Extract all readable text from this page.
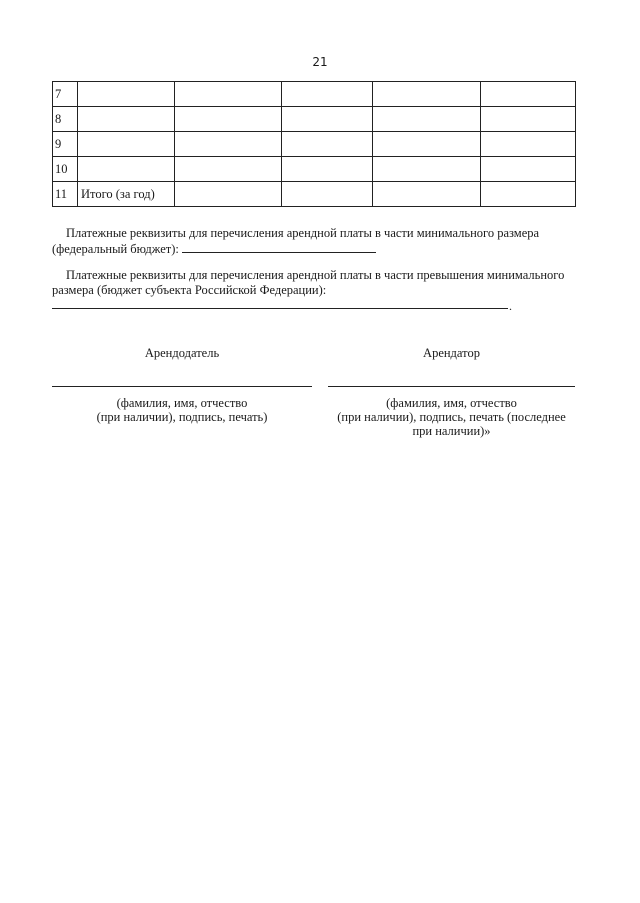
21
7					
8					
9					
10					
11	Итого (за год)				
Платежные реквизиты для перечисления арендной платы в части минимального размера
(федеральный бюджет):
Платежные реквизиты для перечисления арендной платы в части превышения минимального
размера (бюджет субъекта Российской Федерации):
.
Арендодатель	Арендатор
(фамилия, имя, отчество
(при наличии), подпись, печать)
(фамилия, имя, отчество
(при наличии), подпись, печать (последнее
при наличии)»
